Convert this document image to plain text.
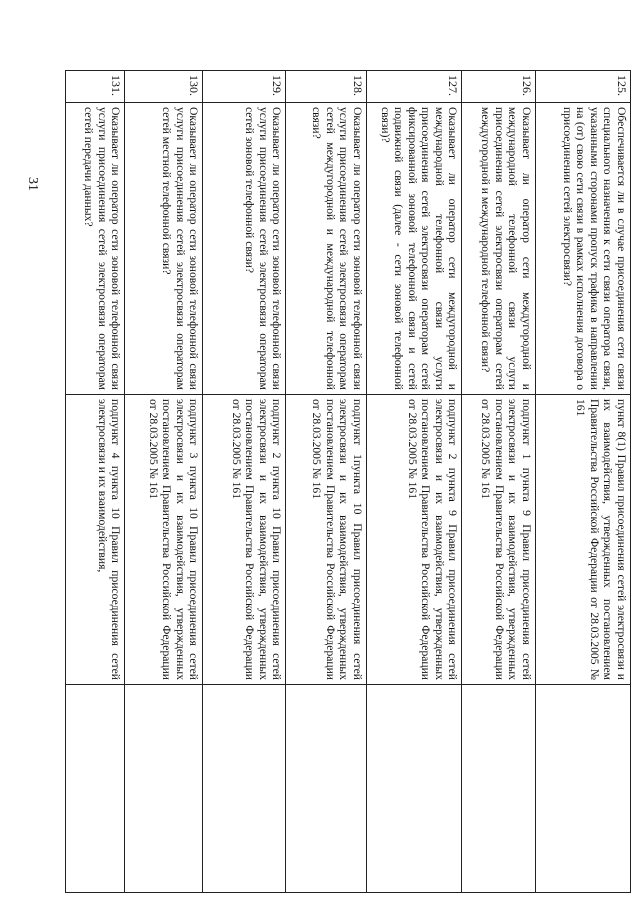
31
125.	Обеспечивается ли в случае присоединения сети связи специального назначения к сети связи оператора связи, указанными сторонами пропуск трафика в направлении на (от) свою сети связи в рамках исполнения договора о присоединении сетей электросвязи?	пункт 8(1) Правил присоединения сетей электросвязи и их взаимодействия, утвержденных постановлением Правительства Российской Федерации от 28.03.2005 № 161	
126.	Оказывает ли оператор сети междугородной и международной телефонной связи услуги присоединения сетей электросвязи операторам сетей междугородной и международной телефонной связи?	подпункт 1 пункта 9 Правил присоединения сетей электросвязи и их взаимодействия, утвержденных постановлением Правительства Российской Федерации от 28.03.2005 № 161	
127.	Оказывает ли оператор сети междугородной и международной телефонной связи услуги присоединения сетей электросвязи операторам сетей фиксированной зоновой телефонной связи и сетей подвижной связи (далее - сети зоновой телефонной связи)?	подпункт 2 пункта 9 Правил присоединения сетей электросвязи и их взаимодействия, утвержденных постановлением Правительства Российской Федерации от 28.03.2005 № 161	
128.	Оказывает ли оператор сети зоновой телефонной связи услуги присоединения сетей электросвязи операторам сетей междугородной и международной телефонной связи?	подпункт 1пункта 10 Правил присоединения сетей электросвязи и их взаимодействия, утвержденных постановлением Правительства Российской Федерации от 28.03.2005 № 161	
129.	Оказывает ли оператор сети зоновой телефонной связи услуги присоединения сетей электросвязи операторам сетей зоновой телефонной связи?	подпункт 2 пункта 10 Правил присоединения сетей электросвязи и их взаимодействия, утвержденных постановлением Правительства Российской Федерации от 28.03.2005 № 161	
130.	Оказывает ли оператор сети зоновой телефонной связи услуги присоединения сетей электросвязи операторам сетей местной телефонной связи?	подпункт 3 пункта 10 Правил присоединения сетей электросвязи и их взаимодействия, утвержденных постановлением Правительства Российской Федерации от 28.03.2005 № 161	
131.	Оказывает ли оператор сети зоновой телефонной связи услуги присоединения сетей электросвязи операторам сетей передачи данных?	подпункт 4 пункта 10 Правил присоединения сетей электросвязи и их взаимодействия,	
